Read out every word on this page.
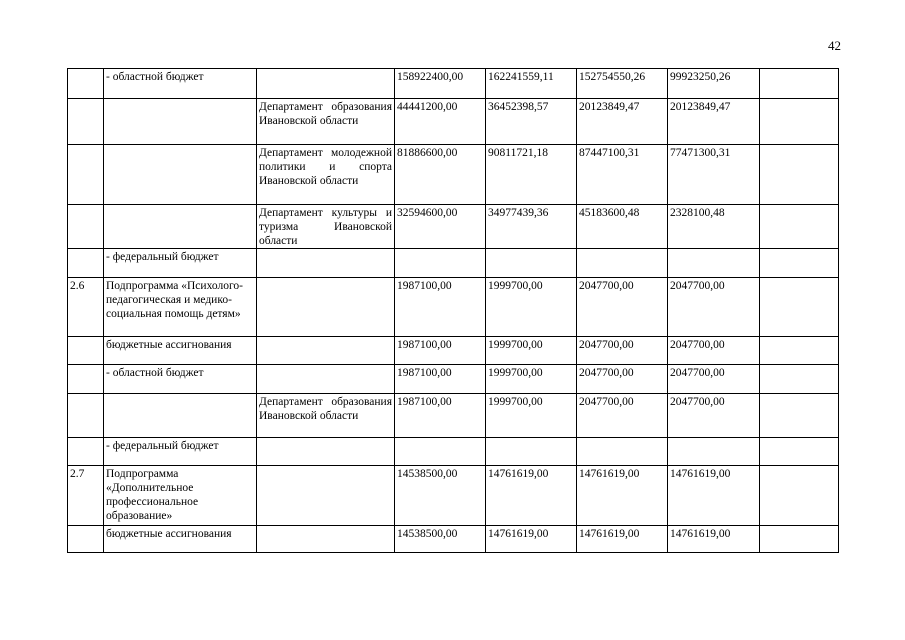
42
	- областной бюджет		158922400,00	162241559,11	152754550,26	99923250,26	
		Департамент образования Ивановской области	44441200,00	36452398,57	20123849,47	20123849,47	
		Департамент молодежной политики и спорта Ивановской области	81886600,00	90811721,18	87447100,31	77471300,31	
		Департамент культуры и туризма Ивановской области	32594600,00	34977439,36	45183600,48	2328100,48	
	- федеральный бюджет						
2.6	Подпрограмма «Психолого-педагогическая и медико-социальная помощь детям»		1987100,00	1999700,00	2047700,00	2047700,00	
	бюджетные ассигнования		1987100,00	1999700,00	2047700,00	2047700,00	
	- областной бюджет		1987100,00	1999700,00	2047700,00	2047700,00	
		Департамент образования Ивановской области	1987100,00	1999700,00	2047700,00	2047700,00	
	- федеральный бюджет						
2.7	Подпрограмма «Дополнительное профессиональное образование»		14538500,00	14761619,00	14761619,00	14761619,00	
	бюджетные ассигнования		14538500,00	14761619,00	14761619,00	14761619,00	
